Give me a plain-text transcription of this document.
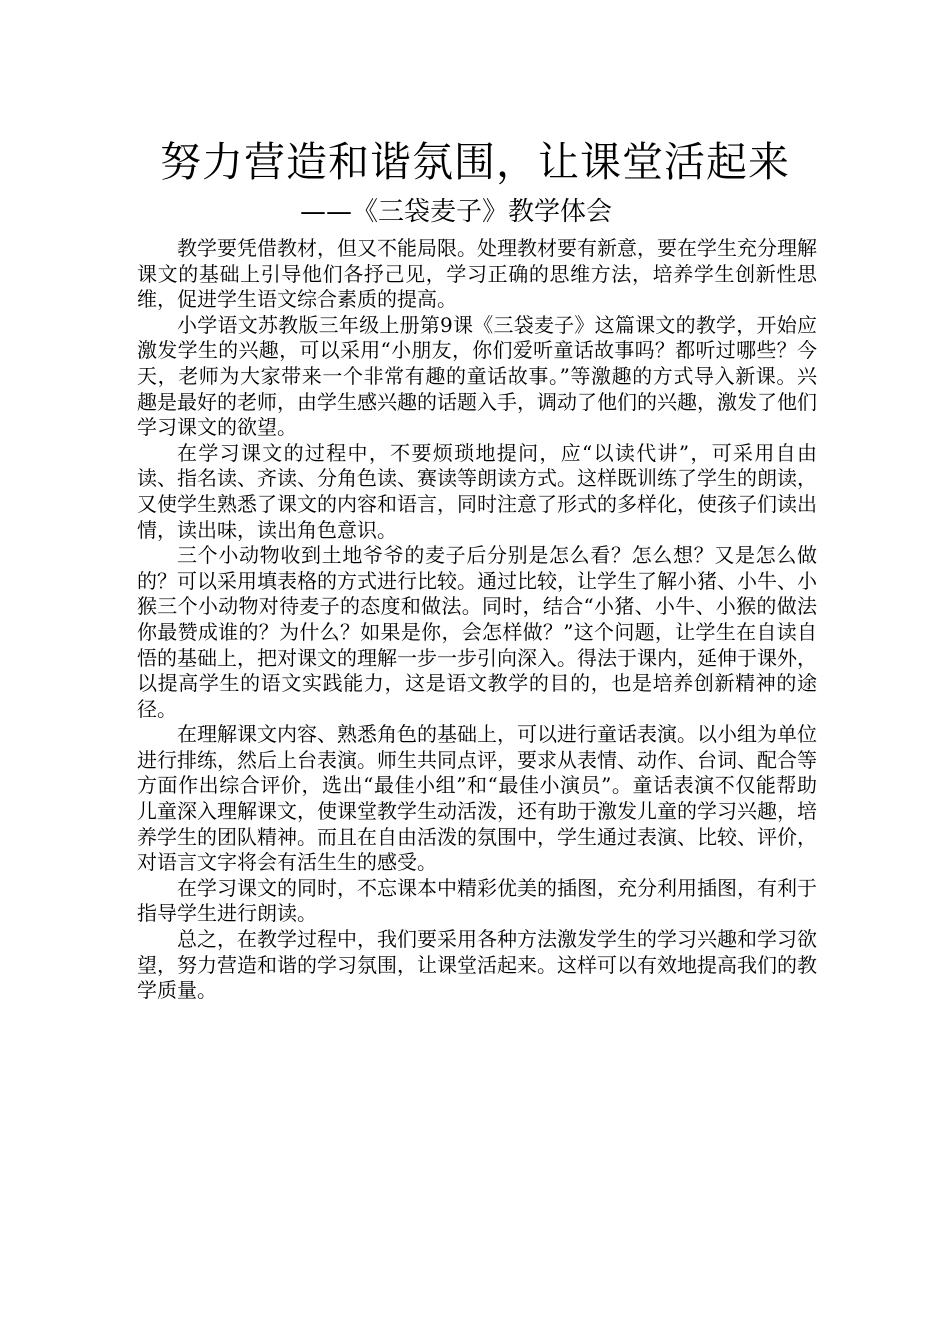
努力营造和谐氛围，让课堂活起来
——《三袋麦子》教学体会

教学要凭借教材，但又不能局限。处理教材要有新意，要在学生充分理解课文的基础上引导他们各抒己见，学习正确的思维方法，培养学生创新性思维，促进学生语文综合素质的提高。

小学语文苏教版三年级上册第9课《三袋麦子》这篇课文的教学，开始应激发学生的兴趣，可以采用“小朋友，你们爱听童话故事吗？都听过哪些？今天，老师为大家带来一个非常有趣的童话故事。”等激趣的方式导入新课。兴趣是最好的老师，由学生感兴趣的话题入手，调动了他们的兴趣，激发了他们学习课文的欲望。

在学习课文的过程中，不要烦琐地提问，应“以读代讲”，可采用自由读、指名读、齐读、分角色读、赛读等朗读方式。这样既训练了学生的朗读，又使学生熟悉了课文的内容和语言，同时注意了形式的多样化，使孩子们读出情，读出味，读出角色意识。

三个小动物收到土地爷爷的麦子后分别是怎么看？怎么想？又是怎么做的？可以采用填表格的方式进行比较。通过比较，让学生了解小猪、小牛、小猴三个小动物对待麦子的态度和做法。同时，结合“小猪、小牛、小猴的做法你最赞成谁的？为什么？如果是你，会怎样做？”这个问题，让学生在自读自悟的基础上，把对课文的理解一步一步引向深入。得法于课内，延伸于课外，以提高学生的语文实践能力，这是语文教学的目的，也是培养创新精神的途径。

在理解课文内容、熟悉角色的基础上，可以进行童话表演。以小组为单位进行排练，然后上台表演。师生共同点评，要求从表情、动作、台词、配合等方面作出综合评价，选出“最佳小组”和“最佳小演员”。童话表演不仅能帮助儿童深入理解课文，使课堂教学生动活泼，还有助于激发儿童的学习兴趣，培养学生的团队精神。而且在自由活泼的氛围中，学生通过表演、比较、评价，对语言文字将会有活生生的感受。

在学习课文的同时，不忘课本中精彩优美的插图，充分利用插图，有利于指导学生进行朗读。

总之，在教学过程中，我们要采用各种方法激发学生的学习兴趣和学习欲望，努力营造和谐的学习氛围，让课堂活起来。这样可以有效地提高我们的教学质量。
